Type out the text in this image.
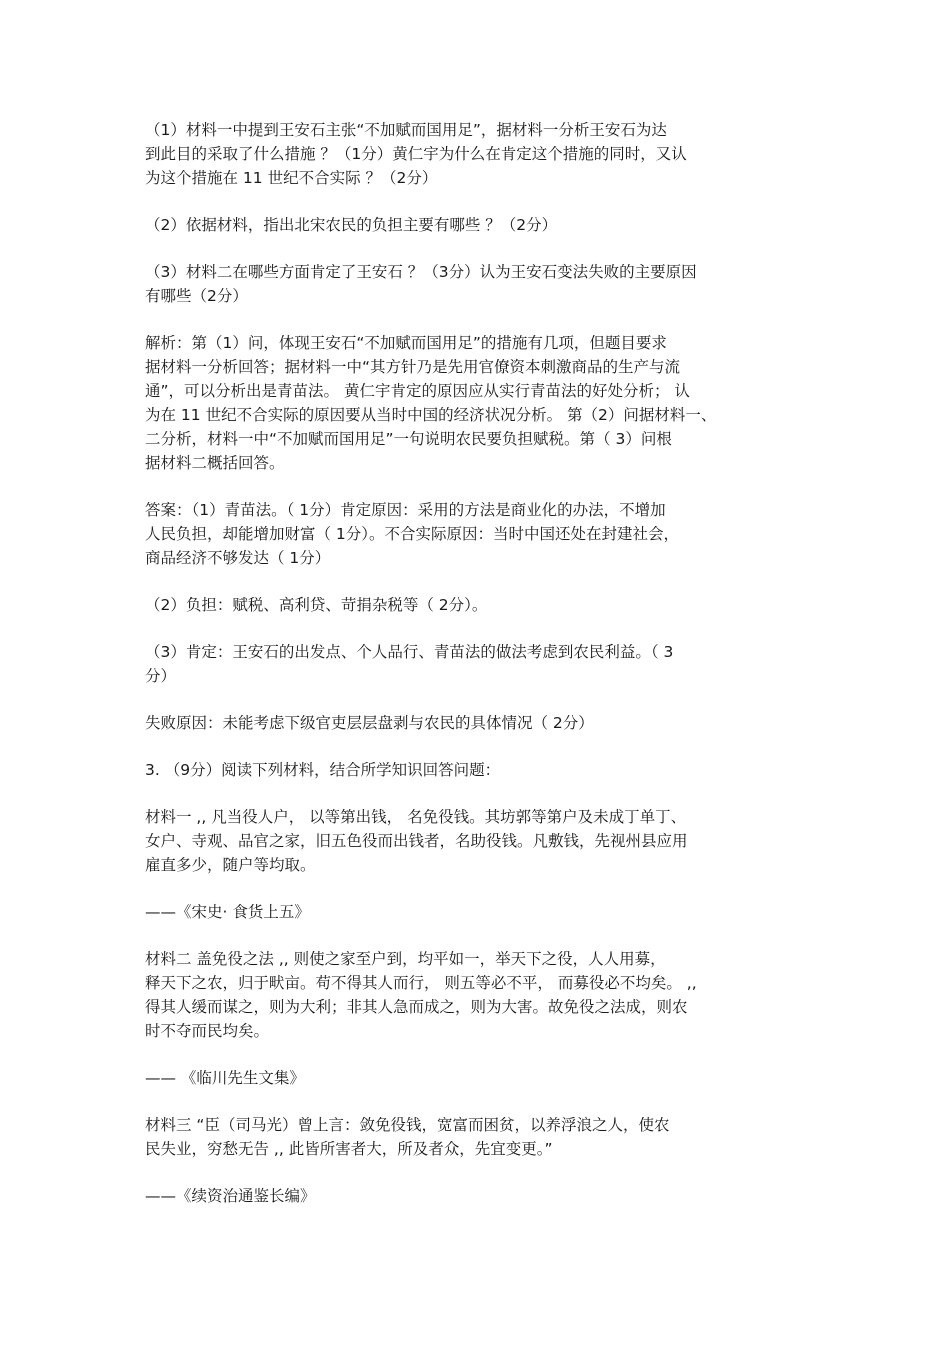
（1）材料一中提到王安石主张“不加赋而国用足”，据材料一分析王安石为达
到此目的采取了什么措施 ？（1分）黄仁宇为什么在肯定这个措施的同时，又认
为这个措施在 11 世纪不合实际 ？（2分）

（2）依据材料，指出北宋农民的负担主要有哪些 ？（2分）

（3）材料二在哪些方面肯定了王安石 ？（3分）认为王安石变法失败的主要原因
有哪些（2分）

解析：第（1）问，体现王安石“不加赋而国用足”的措施有几项，但题目要求
据材料一分析回答；据材料一中“其方针乃是先用官僚资本刺激商品的生产与流
通”，可以分析出是青苗法。 黄仁宇肯定的原因应从实行青苗法的好处分析； 认
为在 11 世纪不合实际的原因要从当时中国的经济状况分析。 第（2）问据材料一、
二分析，材料一中“不加赋而国用足”一句说明农民要负担赋税。第（ 3）问根
据材料二概括回答。

答案：（1）青苗法。（ 1分）肯定原因：采用的方法是商业化的办法，不增加
人民负担，却能增加财富（ 1分）。不合实际原因：当时中国还处在封建社会，
商品经济不够发达（ 1分）

（2）负担：赋税、高利贷、苛捐杂税等（ 2分）。

（3）肯定：王安石的出发点、个人品行、青苗法的做法考虑到农民利益。（ 3
分）

失败原因：未能考虑下级官吏层层盘剥与农民的具体情况（ 2分）

3. （9分）阅读下列材料，结合所学知识回答问题：

材料一 ,, 凡当役人户， 以等第出钱， 名免役钱。其坊郭等第户及未成丁单丁、
女户、寺观、品官之家，旧五色役而出钱者，名助役钱。凡敷钱，先视州县应用
雇直多少，随户等均取。

——《宋史· 食货上五》

材料二 盖免役之法 ,, 则使之家至户到，均平如一，举天下之役，人人用募，
释天下之农，归于畎亩。苟不得其人而行， 则五等必不平， 而募役必不均矣。 ,,
得其人缓而谋之，则为大利；非其人急而成之，则为大害。故免役之法成，则农
时不夺而民均矣。

—— 《临川先生文集》

材料三 “臣（司马光）曾上言：敛免役钱，宽富而困贫，以养浮浪之人，使农
民失业，穷愁无告 ,, 此皆所害者大，所及者众，先宜变更。”

——《续资治通鉴长编》
